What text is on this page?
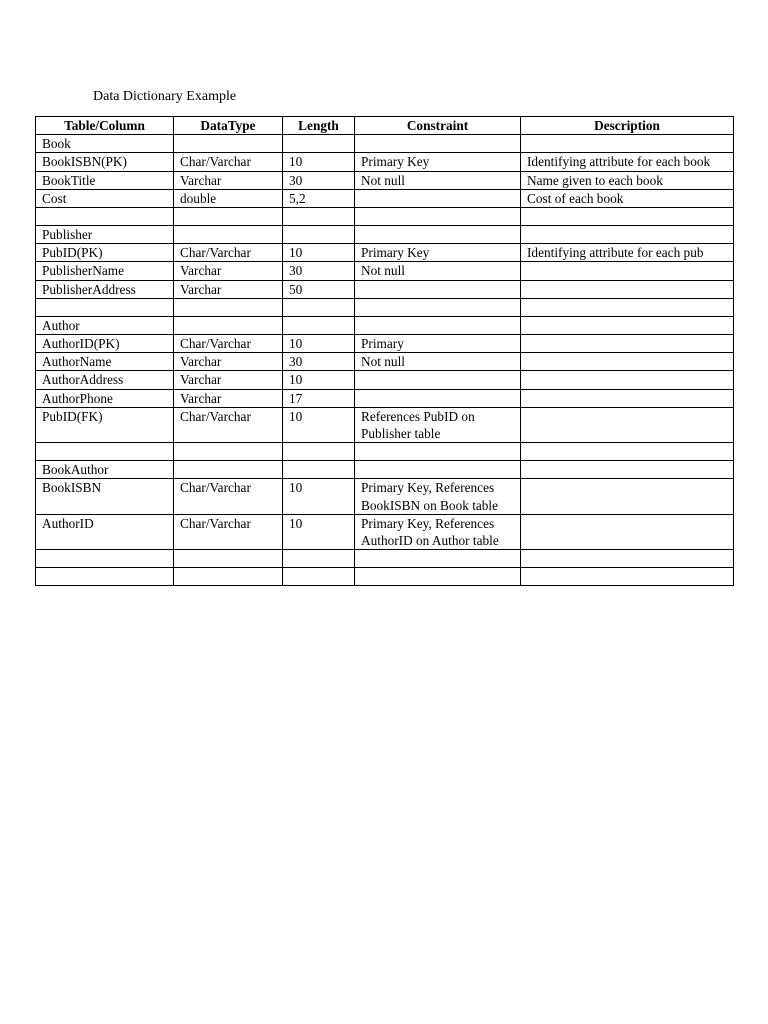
Data Dictionary Example
Table/Column	DataType	Length	Constraint	Description
Book				
BookISBN(PK)	Char/Varchar	10	Primary Key	Identifying attribute for each book
BookTitle	Varchar	30	Not null	Name given to each book
Cost	double	5,2		Cost of each book

Publisher				
PubID(PK)	Char/Varchar	10	Primary Key	Identifying attribute for each pub
PublisherName	Varchar	30	Not null	
PublisherAddress	Varchar	50		

Author				
AuthorID(PK)	Char/Varchar	10	Primary	
AuthorName	Varchar	30	Not null	
AuthorAddress	Varchar	10		
AuthorPhone	Varchar	17		
PubID(FK)	Char/Varchar	10	References PubID on Publisher table	

BookAuthor				
BookISBN	Char/Varchar	10	Primary Key, References BookISBN on Book table	
AuthorID	Char/Varchar	10	Primary Key, References AuthorID on Author table	
